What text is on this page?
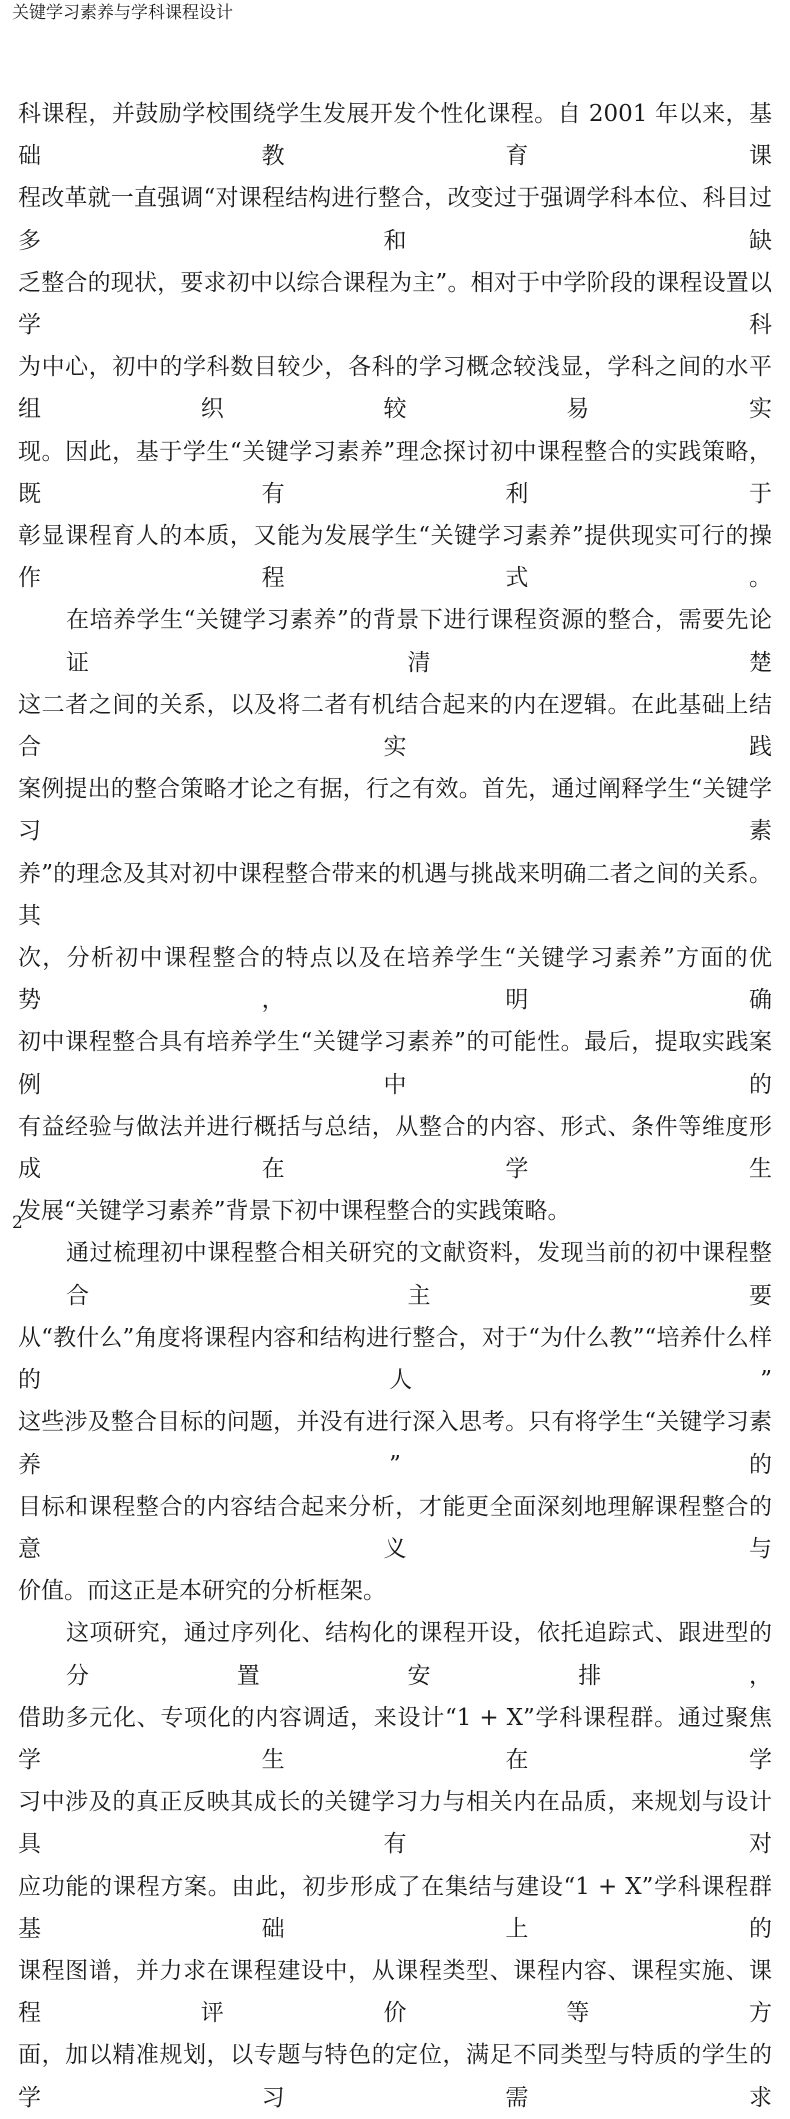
关键学习素养与学科课程设计
科课程，并鼓励学校围绕学生发展开发个性化课程。自 2001 年以来，基础教育课
程改革就一直强调“对课程结构进行整合，改变过于强调学科本位、科目过多和缺
乏整合的现状，要求初中以综合课程为主”。相对于中学阶段的课程设置以学科
为中心，初中的学科数目较少，各科的学习概念较浅显，学科之间的水平组织较易实
现。因此，基于学生“关键学习素养”理念探讨初中课程整合的实践策略，既有利于
彰显课程育人的本质，又能为发展学生“关键学习素养”提供现实可行的操作程式。
在培养学生“关键学习素养”的背景下进行课程资源的整合，需要先论证清楚
这二者之间的关系，以及将二者有机结合起来的内在逻辑。在此基础上结合实践
案例提出的整合策略才论之有据，行之有效。首先，通过阐释学生“关键学习素
养”的理念及其对初中课程整合带来的机遇与挑战来明确二者之间的关系。其
次，分析初中课程整合的特点以及在培养学生“关键学习素养”方面的优势，明确
初中课程整合具有培养学生“关键学习素养”的可能性。最后，提取实践案例中的
有益经验与做法并进行概括与总结，从整合的内容、形式、条件等维度形成在学生
发展“关键学习素养”背景下初中课程整合的实践策略。
通过梳理初中课程整合相关研究的文献资料，发现当前的初中课程整合主要
从“教什么”角度将课程内容和结构进行整合，对于“为什么教”“培养什么样的人”
这些涉及整合目标的问题，并没有进行深入思考。只有将学生“关键学习素养”的
目标和课程整合的内容结合起来分析，才能更全面深刻地理解课程整合的意义与
价值。而这正是本研究的分析框架。
这项研究，通过序列化、结构化的课程开设，依托追踪式、跟进型的分置安排，
借助多元化、专项化的内容调适，来设计“1 + X”学科课程群。通过聚焦学生在学
习中涉及的真正反映其成长的关键学习力与相关内在品质，来规划与设计具有对
应功能的课程方案。由此，初步形成了在集结与建设“1 + X”学科课程群基础上的
课程图谱，并力求在课程建设中，从课程类型、课程内容、课程实施、课程评价等方
面，加以精准规划，以专题与特色的定位，满足不同类型与特质的学生的学习需求
2
